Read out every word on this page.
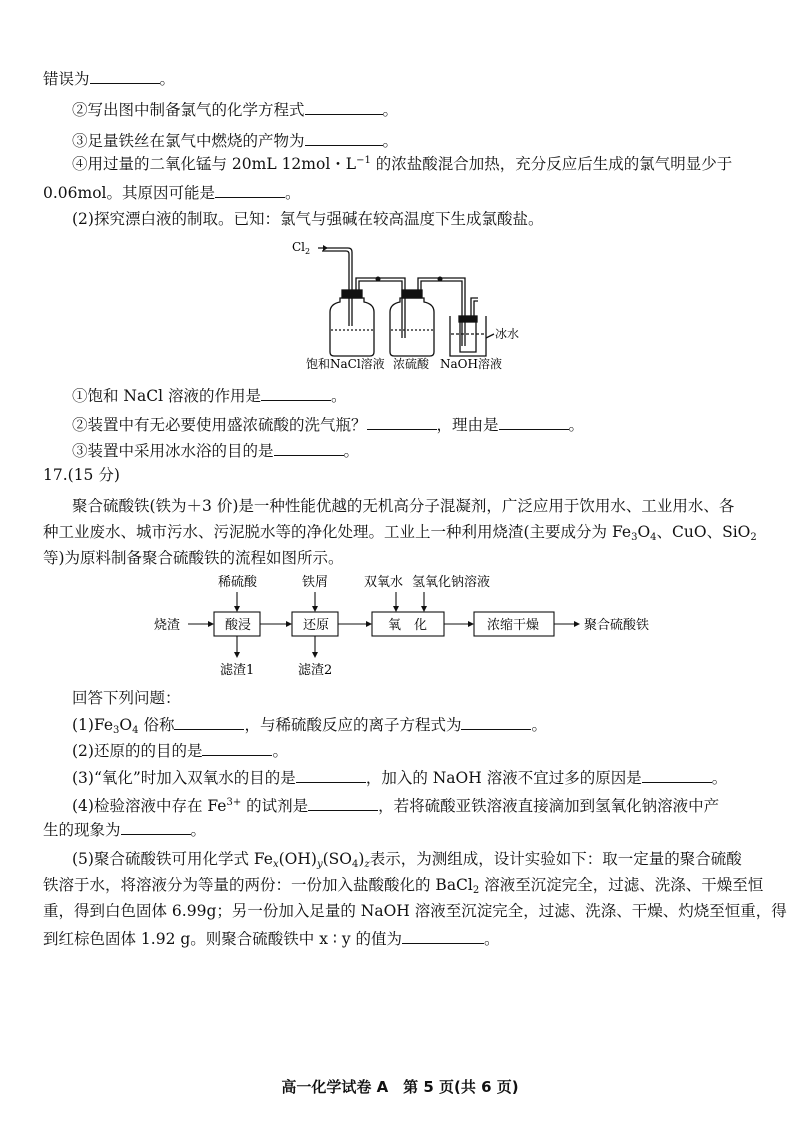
错误为	。
②写出图中制备氯气的化学方程式	。
③足量铁丝在氯气中燃烧的产物为	。
④用过量的二氧化锰与 20mL 12mol・$L^{-1}$ 的浓盐酸混合加热，充分反应后生成的氯气明显少于
0.06mol。其原因可能是	。
(2)探究漂白液的制取。已知：氯气与强碱在较高温度下生成氯酸盐。
$Cl_2$
冰水
饱和NaCl溶液 浓硫酸 NaOH溶液
①饱和 NaCl 溶液的作用是	。
②装置中有无必要使用盛浓硫酸的洗气瓶？	，理由是	。
③装置中采用冰水浴的目的是	。
17.(15 分)
聚合硫酸铁(铁为＋3 价)是一种性能优越的无机高分子混凝剂，广泛应用于饮用水、工业用水、各
种工业废水、城市污水、污泥脱水等的净化处理。工业上一种利用烧渣(主要成分为 $Fe_3O_4$、CuO、SiO$_2$
等)为原料制备聚合硫酸铁的流程如图所示。
烧渣	酸浸	还原	氧　化	浓缩干燥	聚合硫酸铁
稀硫酸	铁屑	双氧水 氢氧化钠溶液
滤渣1	滤渣2
回答下列问题：
$(1)Fe_3O_4$ 俗称	，与稀硫酸反应的离子方程式为	。
(2)还原的的目的是	。
(3)“氧化”时加入双氧水的目的是	，加入的 NaOH 溶液不宜过多的原因是	。
(4)检验溶液中存在 $Fe^{3+}$ 的试剂是	，若将硫酸亚铁溶液直接滴加到氢氧化钠溶液中产
生的现象为	。
(5)聚合硫酸铁可用化学式 $Fe_x(OH)_y(SO_4)_z$表示，为测组成，设计实验如下：取一定量的聚合硫酸
铁溶于水，将溶液分为等量的两份：一份加入盐酸酸化的 BaCl$_2$ 溶液至沉淀完全，过滤、洗涤、干燥至恒
重，得到白色固体 6.99g；另一份加入足量的 NaOH 溶液至沉淀完全，过滤、洗涤、干燥、灼烧至恒重，得
到红棕色固体 1.92 g。则聚合硫酸铁中 x ∶ y 的值为	。
高一化学试卷 A　第 5 页(共 6 页)
